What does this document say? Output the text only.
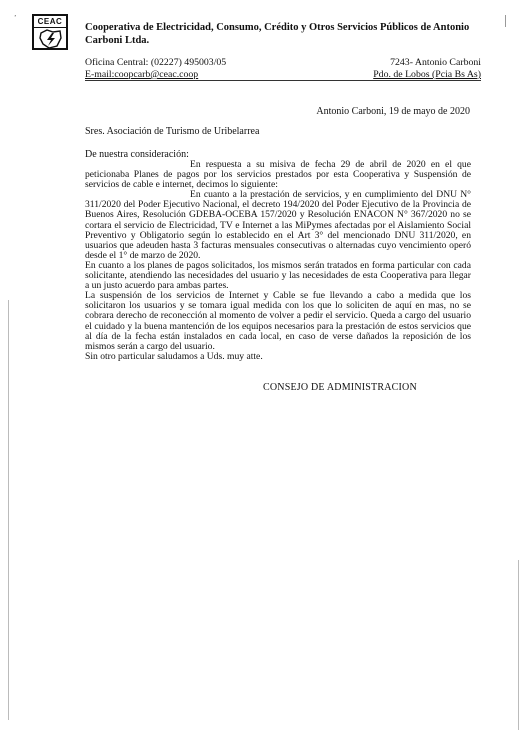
ʼ	CEAC
Cooperativa de Electricidad, Consumo, Crédito y Otros Servicios Públicos de Antonio Carboni Ltda.
Oficina Central: (02227) 495003/05
E-mail:coopcarb@ceac.coop
7243- Antonio Carboni
Pdo. de Lobos (Pcia Bs As)
Antonio Carboni, 19 de mayo de 2020
Sres. Asociación de Turismo de Uribelarrea
De nuestra consideración:

En respuesta a su misiva de fecha 29 de abril de 2020 en el que peticionaba Planes de pagos por los servicios prestados por esta Cooperativa y Suspensión de servicios de cable e internet, decimos lo siguiente:

En cuanto a la prestación de servicios, y en cumplimiento del DNU N° 311/2020 del Poder Ejecutivo Nacional, el decreto 194/2020 del Poder Ejecutivo de la Provincia de Buenos Aires, Resolución GDEBA-OCEBA 157/2020 y Resolución ENACON N° 367/2020 no se cortara el servicio de Electricidad, TV e Internet a las MiPymes afectadas por el Aislamiento Social Preventivo y Obligatorio según lo establecido en el Art 3° del mencionado DNU 311/2020, en usuarios que adeuden hasta 3 facturas mensuales consecutivas o alternadas cuyo vencimiento operó desde el 1° de marzo de 2020.

En cuanto a los planes de pagos solicitados, los mismos serán tratados en forma particular con cada solicitante, atendiendo las necesidades del usuario y las necesidades de esta Cooperativa para llegar a un justo acuerdo para ambas partes.

La suspensión de los servicios de Internet y Cable se fue llevando a cabo a medida que los solicitaron los usuarios y se tomara igual medida con los que lo soliciten de aquí en mas, no se cobrara derecho de reconección al momento de volver a pedir el servicio. Queda a cargo del usuario el cuidado y la buena mantención de los equipos necesarios para la prestación de estos servicios que al día de la fecha están instalados en cada local, en caso de verse dañados la reposición de los mismos serán a cargo del usuario.

Sin otro particular saludamos a Uds. muy atte.

CONSEJO DE ADMINISTRACION
